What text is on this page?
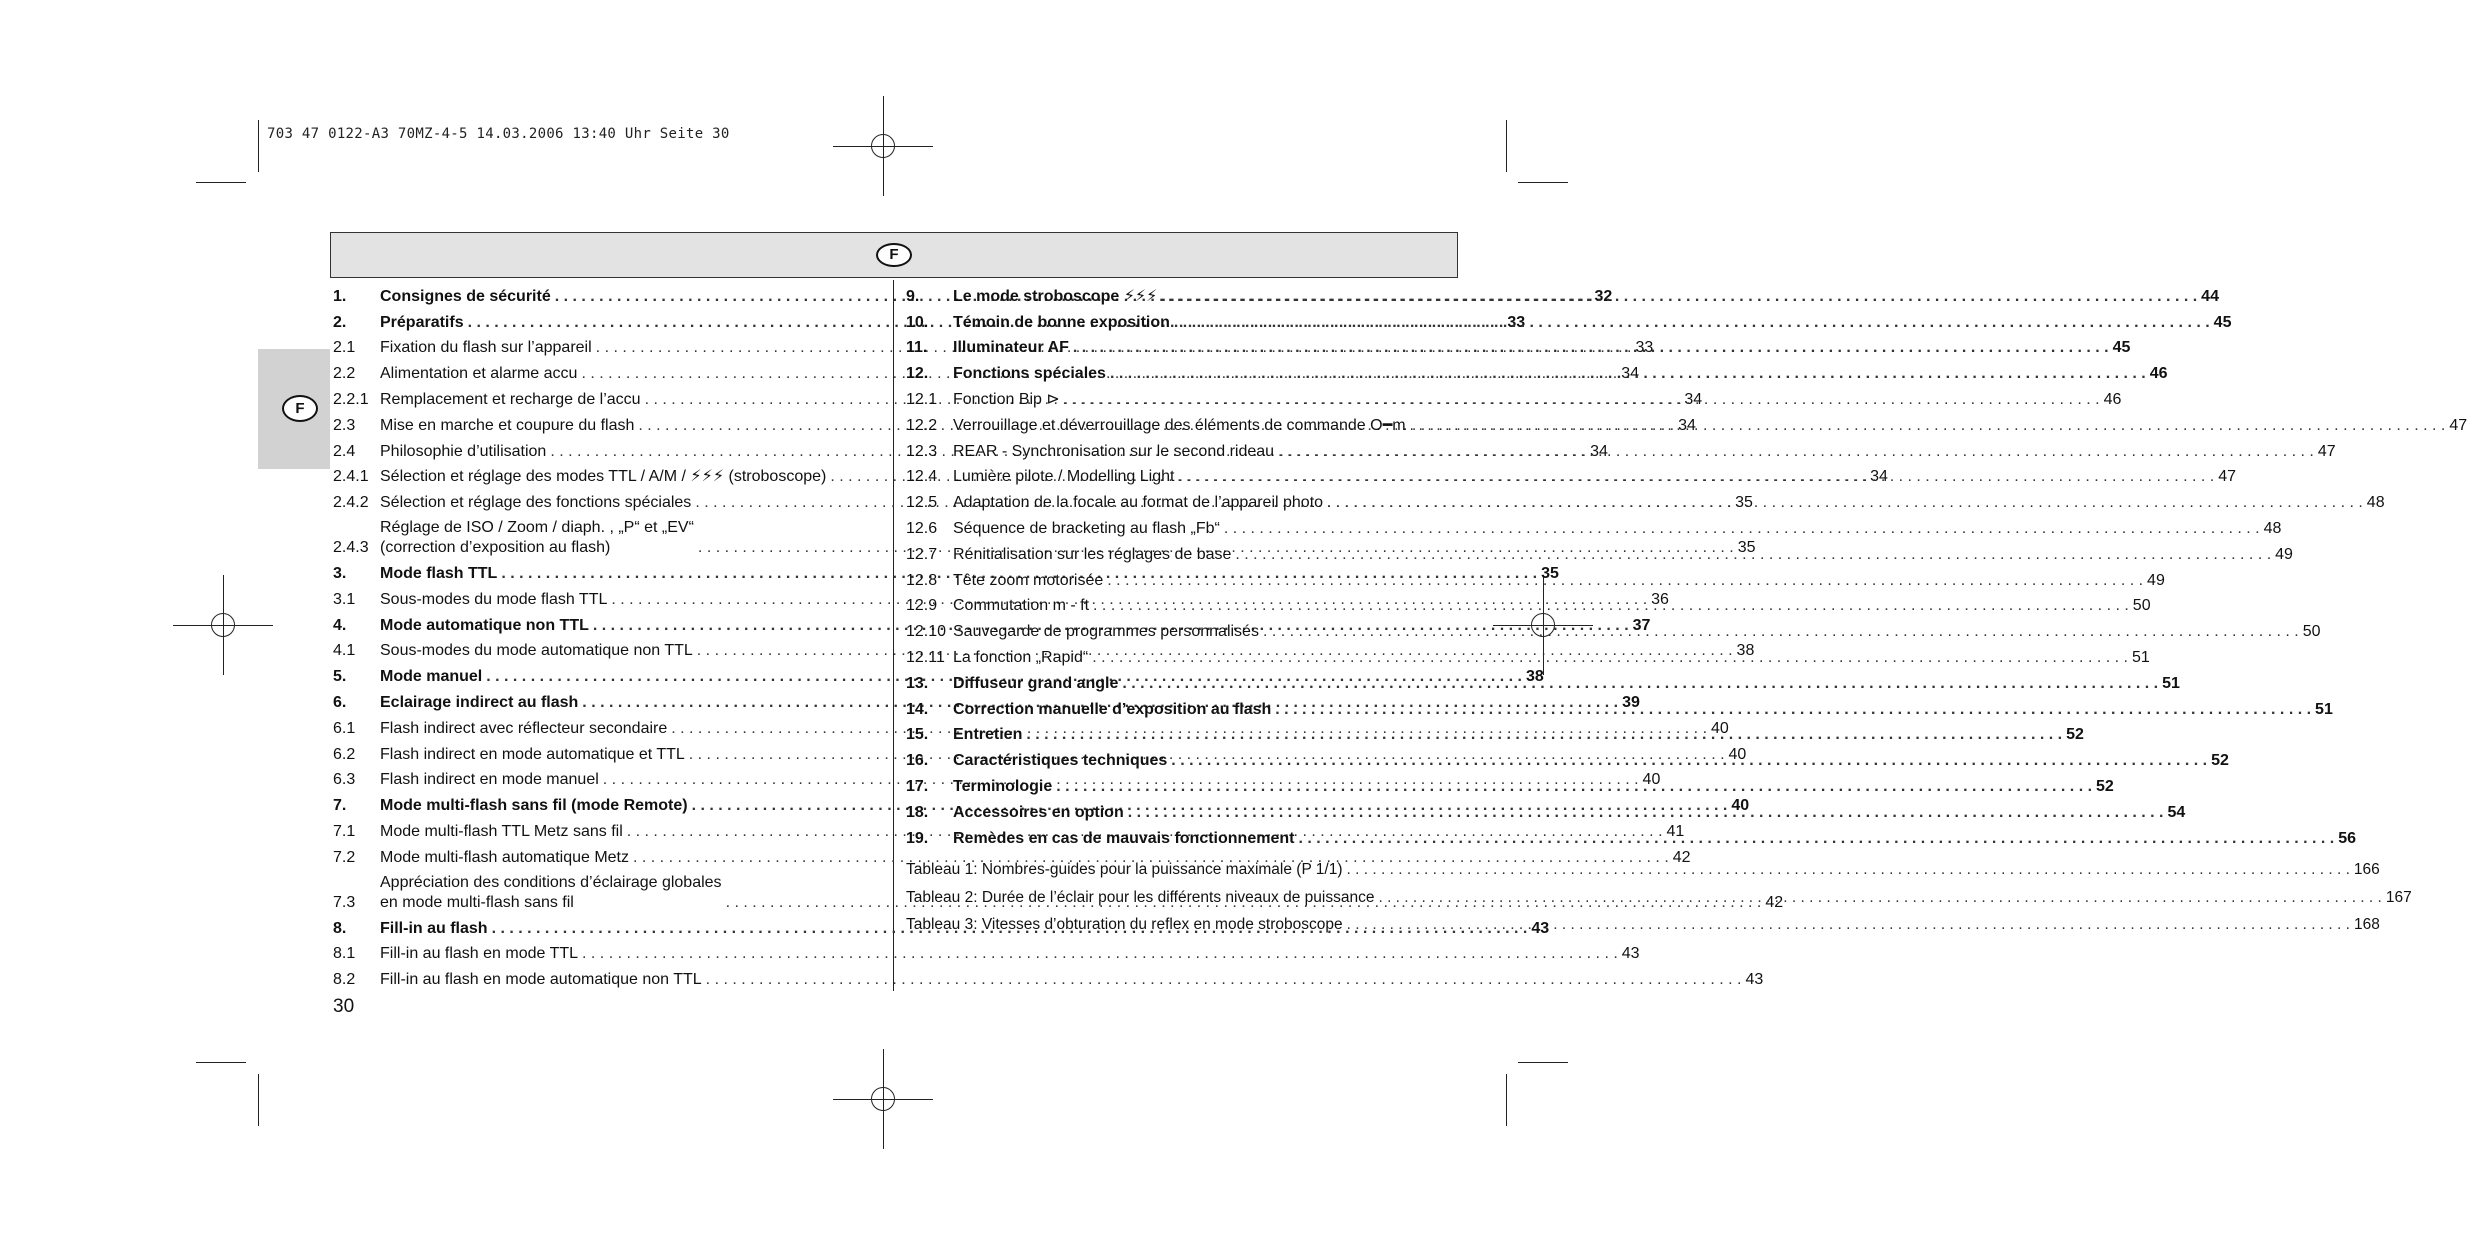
703 47 0122-A3 70MZ-4-5 14.03.2006 13:40 Uhr Seite 30
F
F
1.	Consignes de sécurité . . .	32
2.	Préparatifs . . .	33
2.1	Fixation du flash sur l’appareil . . .	33
2.2	Alimentation et alarme accu . . .	34
2.2.1 Remplacement et recharge de l’accu . . .	34
2.3	Mise en marche et coupure du flash . . .	34
2.4	Philosophie d’utilisation . . .	34
2.4.1 Sélection et réglage des modes TTL / A/M / ⚡⚡⚡ (stroboscope) . . .	34
2.4.2 Sélection et réglage des fonctions spéciales . . .	35
2.4.3
Réglage de ISO / Zoom / diaph. , „P“ et „EV“
(correction d’exposition au flash) . . .	35
3.	Mode flash TTL . . .	35
3.1	Sous-modes du mode flash TTL . . .	36
4.	Mode automatique non TTL . . .	37
4.1	Sous-modes du mode automatique non TTL . . .	38
5.	Mode manuel . . .	38
6.	Eclairage indirect au flash . . .	39
6.1	Flash indirect avec réflecteur secondaire . . .	40
6.2	Flash indirect en mode automatique et TTL . . .	40
6.3	Flash indirect en mode manuel . . .	40
7.	Mode multi-flash sans fil (mode Remote) . . .	40
7.1	Mode multi-flash TTL Metz sans fil . . .	41
7.2	Mode multi-flash automatique Metz . . .	42
7.3
Appréciation des conditions d’éclairage globales
en mode multi-flash sans fil . . .	42
8.	Fill-in au flash . . .	43
8.1	Fill-in au flash en mode TTL . . .	43
8.2	Fill-in au flash en mode automatique non TTL . . .	43
9.	Le mode stroboscope ⚡⚡⚡ . . .	44
10.	Témoin de bonne exposition . . .	45
11.	Illuminateur AF . . .	45
12.	Fonctions spéciales . . .	46
12.1 Fonction Bip ⊳ . . .	46
12.2 Verrouillage et déverrouillage des éléments de commande O━m . . .	47
12.3 REAR - Synchronisation sur le second rideau . . .	47
12.4 Lumière pilote / Modelling Light . . .	47
12.5 Adaptation de la focale au format de l’appareil photo . . .	48
12.6 Séquence de bracketing au flash „Fb“ . . .	48
12.7 Rénitialisation sur les réglages de base . . .	49
12.8 Tête zoom motorisée . . .	49
12.9 Commutation m - ft . . .	50
12.10 Sauvegarde de programmes personnalisés . . .	50
12.11 La fonction „Rapid“ . . .	51
13.	Diffuseur grand angle . . .	51
14.	Correction manuelle d’exposition au flash . . .	51
15.	Entretien . . .	52
16.	Caractéristiques techniques . . .	52
17.	Terminologie . . .	52
18.	Accessoires en option . . .	54
19.	Remèdes en cas de mauvais fonctionnement . . .	56
Tableau 1: Nombres-guides pour la puissance maximale (P 1/1) . . .	166
Tableau 2: Durée de l’éclair pour les différents niveaux de puissance . . .	167
Tableau 3: Vitesses d’obturation du reflex en mode stroboscope . . .	168
30
